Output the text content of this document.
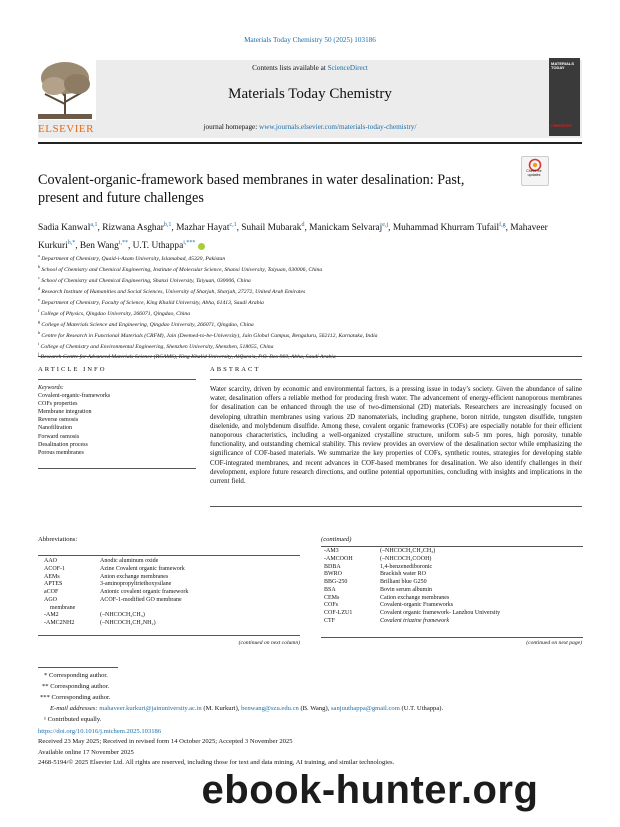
Materials Today Chemistry 50 (2025) 103186
ELSEVIER
Contents lists available at ScienceDirect
Materials Today Chemistry
journal homepage: www.journals.elsevier.com/materials-today-chemistry/
MATERIALS TODAY
CHEMISTRY
Covalent-organic-framework based membranes in water desalination: Past, present and future challenges
Check for updates
Sadia Kanwal$^{a,1}$, Rizwana Asghar$^{b,1}$, Mazhar Hayat$^{c,1}$, Suhail Mubarak$^d$, Manickam Selvaraj$^{e,j}$, Muhammad Khurram Tufail$^{f,g}$, Mahaveer Kurkuri$^{h,*}$, Ben Wang$^{i,**}$, U.T. Uthappa$^{i,***}$
$^a$ Department of Chemistry, Quaid-i-Azam University, Islamabad, 45320, Pakistan
$^b$ School of Chemistry and Chemical Engineering, Institute of Molecular Science, Shanxi University, Taiyuan, 030006, China
$^c$ School of Chemistry and Chemical Engineering, Shanxi University, Taiyuan, 030006, China
$^d$ Research Institute of Humanities and Social Sciences, University of Sharjah, Sharjah, 27272, United Arab Emirates
$^e$ Department of Chemistry, Faculty of Science, King Khalid University, Abha, 61413, Saudi Arabia
$^f$ College of Physics, Qingdao University, 266071, Qingdao, China
$^g$ College of Materials Science and Engineering, Qingdao University, 266071, Qingdao, China
$^h$ Centre for Research in Functional Materials (CRFM), Jain (Deemed-to-be-University), Jain Global Campus, Bengaluru, 562112, Karnataka, India
$^i$ College of Chemistry and Environmental Engineering, Shenzhen University, Shenzhen, 518055, China
$^j$ Research Centre for Advanced Materials Science (RCAMS), King Khalid University, AlQura'a, P.O. Box 960, Abha, Saudi Arabia
ARTICLE INFO	ABSTRACT
Keywords:
Covalent-organic-frameworks
COFs properties
Membrane integration
Reverse osmosis
Nanofiltration
Forward osmosis
Desalination process
Porous membranes
Water scarcity, driven by economic and environmental factors, is a pressing issue in today’s society. Given the abundance of saline water, desalination offers a reliable method for producing fresh water. The advancement of energy-efficient nanoporous membranes for desalination can be enhanced through the use of two-dimensional (2D) materials. Researchers are increasingly focused on developing ultrathin membranes using various 2D nanomaterials, including graphene, boron nitride, tungsten disulfide, tungsten diselenide, and molybdenum disulfide. Among these, covalent organic frameworks (COFs) are especially notable for their efficient nanoporous characteristics, including a well-organized crystalline structure, uniform sub-5 nm pores, high porosity, tunable functionality, and outstanding chemical stability. This review provides an overview of the desalination sector while emphasizing the significance of COF-based materials. We summarize the key properties of COFs, synthetic routes, strategies for developing stable COF-integrated membranes, and recent advances in COF-based membranes for desalination. We also identify challenges in their development, explore future research directions, and outline potential opportunities, concluding with insights and implications in the current field.
Abbreviations:	(continued)
AAO	Anodic aluminum oxide
ACOF-1	Azine Covalent organic framework
AEMs	Anion exchange membranes
APTES	3-aminopropyltriethoxysilane
aCOF	Anionic covalent organic framework
AGO	ACOF-1-modified GO membrane
membrane
-AM2	(–NHCOCH₂CH₃)
-AMC2NH2	(–NHCOCH₂CH₂NH₂)
-AM3	(–NHCOCH₂CH₂CH₃)
-AMCOOH	(–NHCOCH₂COOH)
BDBA	1,4-benzenediboronic
BWRO	Brackish water RO
BBG-250	Brilliant blue G250
BSA	Bovin serum albumin
CEMs	Cation exchange membranes
COFs	Covalent-organic Frameworks
COF-LZU1	Covalent organic framework- Lanzhou University
CTF	Covalent triazine framework
(continued on next column)	(continued on next page)
* Corresponding author.
** Corresponding author.
*** Corresponding author.
E-mail addresses: mahaveer.kurkuri@jainuniversity.ac.in (M. Kurkuri), benwang@szu.edu.cn (B. Wang), sanjuuthappa@gmail.com (U.T. Uthappa).
¹ Contributed equally.
https://doi.org/10.1016/j.mtchem.2025.103186
Received 23 May 2025; Received in revised form 14 October 2025; Accepted 3 November 2025
Available online 17 November 2025
2468-5194/© 2025 Elsevier Ltd. All rights are reserved, including those for text and data mining, AI training, and similar technologies.
ebook-hunter.org
